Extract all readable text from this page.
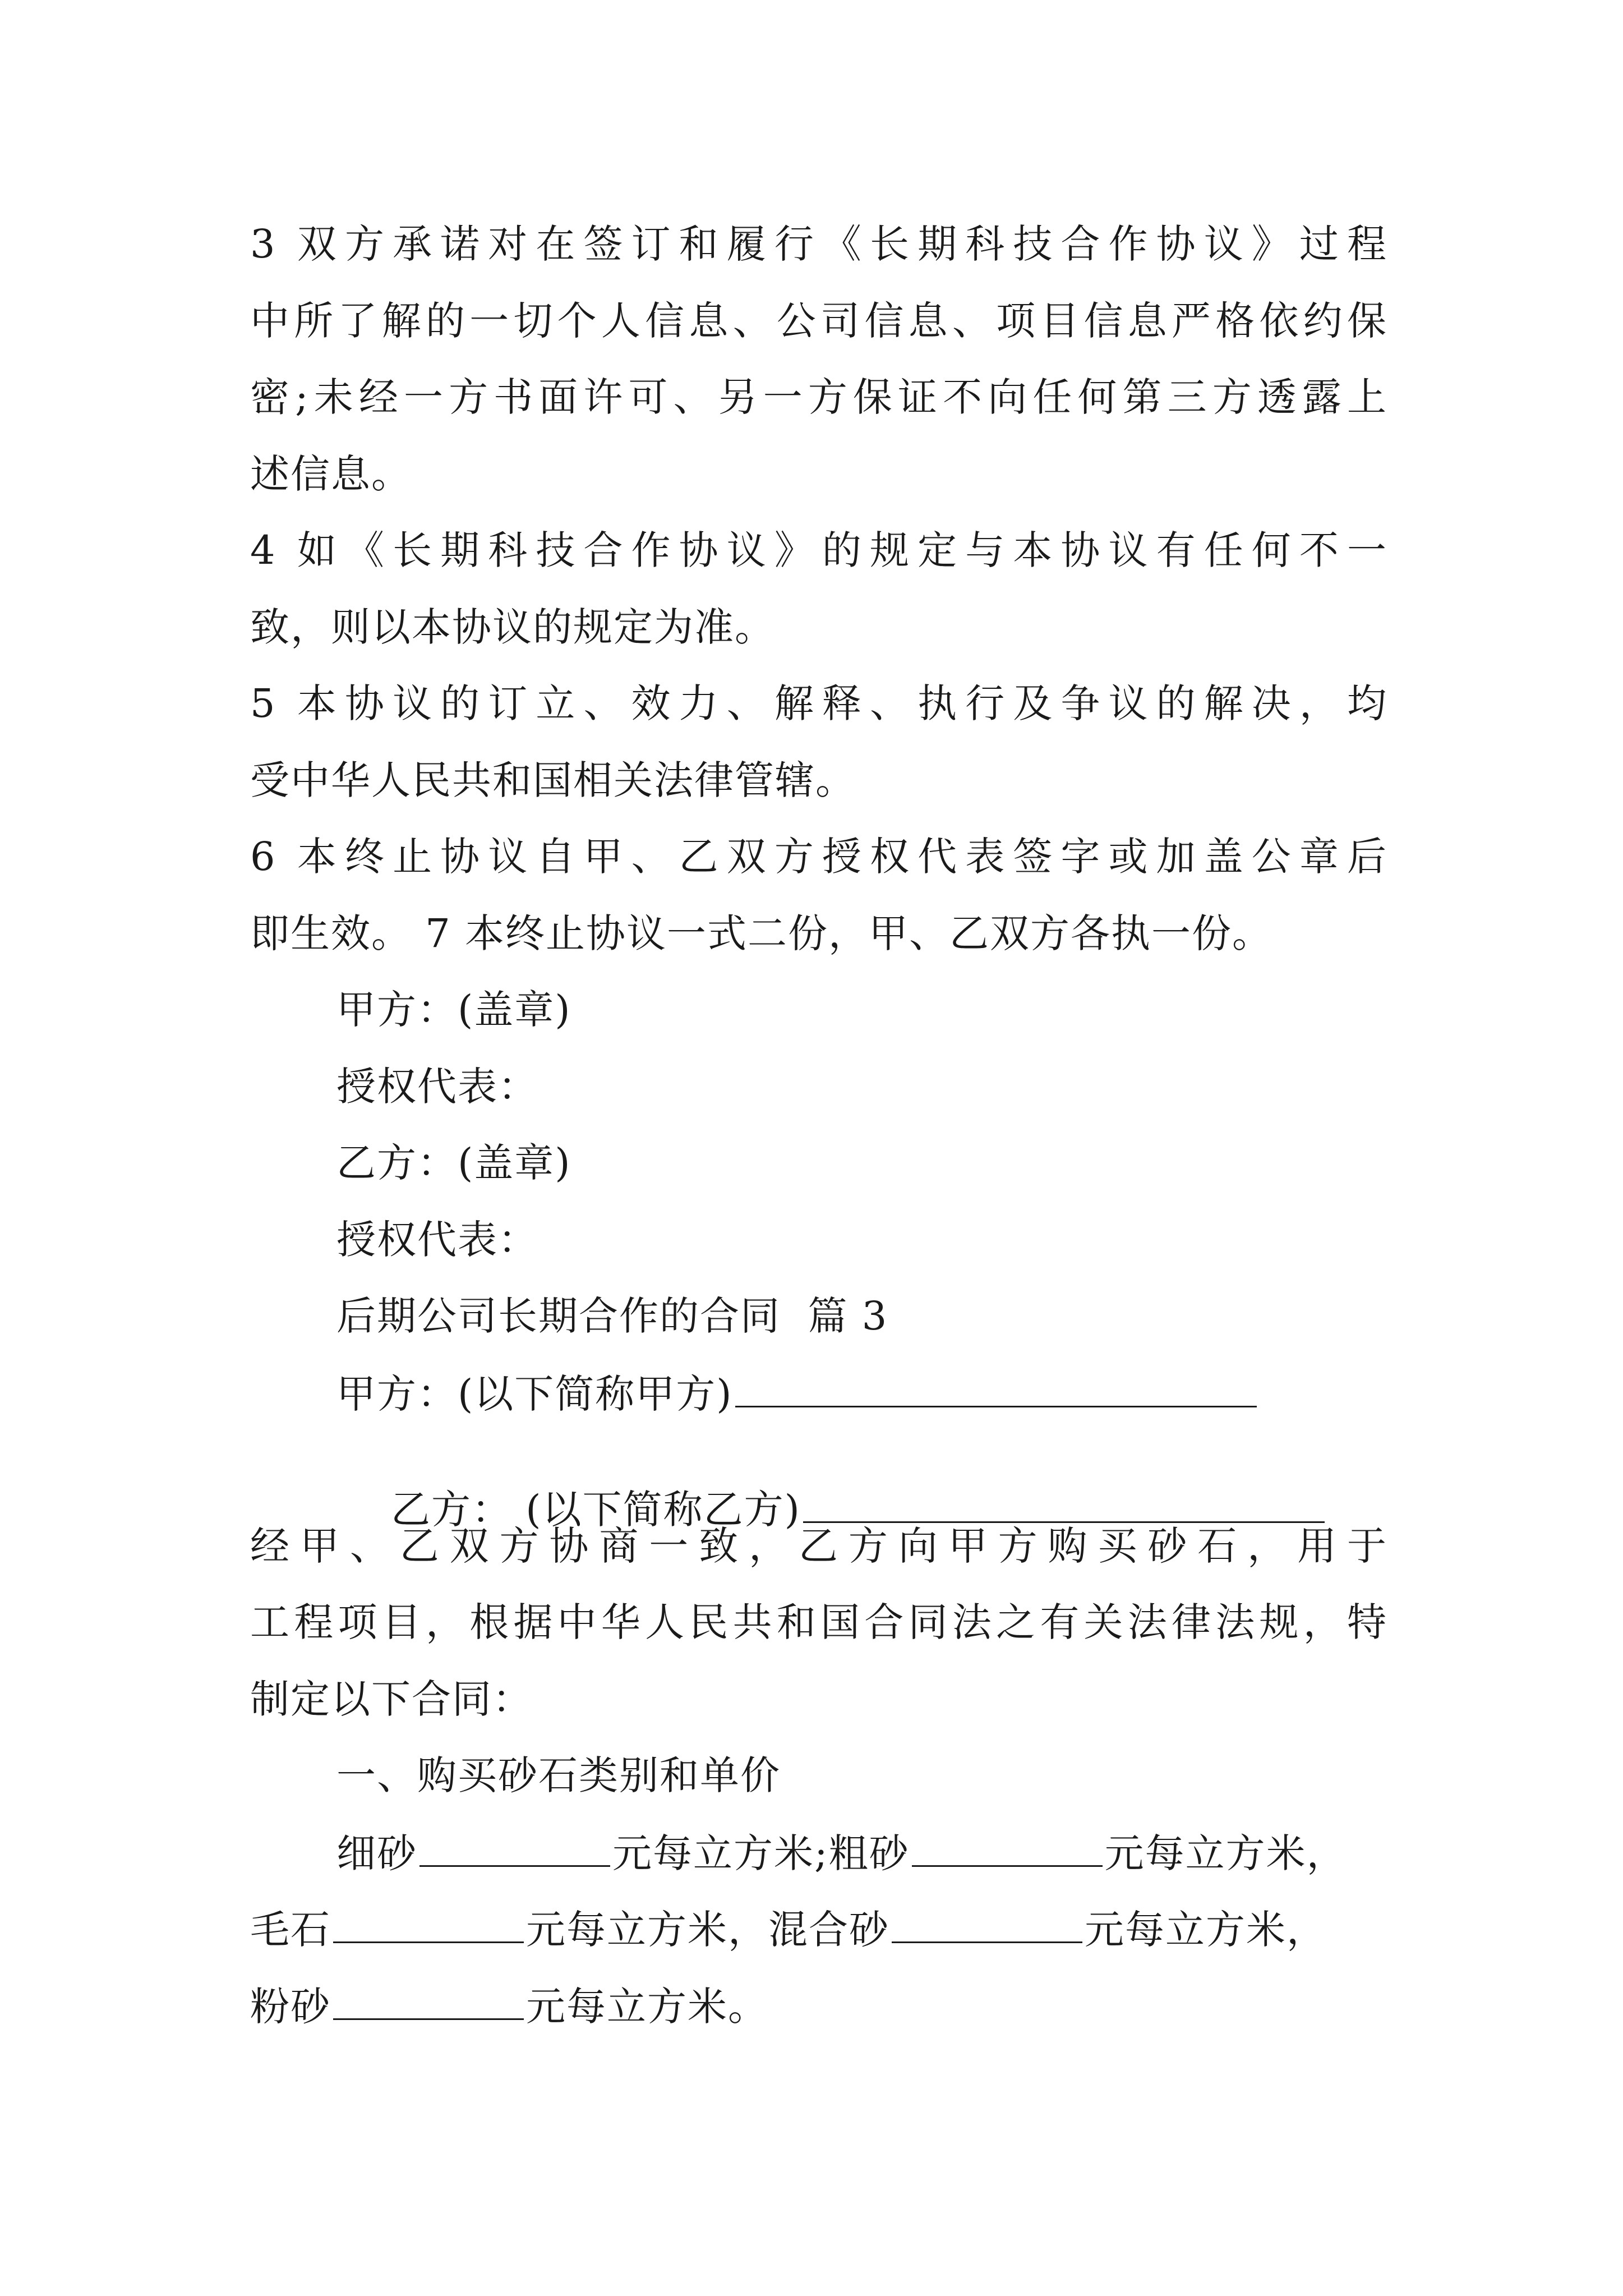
3 双方承诺对在签订和履行《长期科技合作协议》过程
中所了解的一切个人信息、公司信息、项目信息严格依约保
密;未经一方书面许可、另一方保证不向任何第三方透露上
述信息。
4 如《长期科技合作协议》的规定与本协议有任何不一
致，则以本协议的规定为准。
5 本协议的订立、效力、解释、执行及争议的解决，均
受中华人民共和国相关法律管辖。
6 本终止协议自甲、乙双方授权代表签字或加盖公章后
即生效。 7 本终止协议一式二份，甲、乙双方各执一份。
甲方：(盖章)
授权代表：
乙方：(盖章)
授权代表：
后期公司长期合作的合同  篇 3
甲方：(以下简称甲方)

乙方： (以下简称乙方)

经甲、乙双方协商一致，乙方向甲方购买砂石，用于
工程项目，根据中华人民共和国合同法之有关法律法规，特
制定以下合同：
一、购买砂石类别和单价
细砂	元每立方米;粗砂	元每立方米，
毛石	元每立方米，混合砂	元每立方米，
粉砂	元每立方米。
